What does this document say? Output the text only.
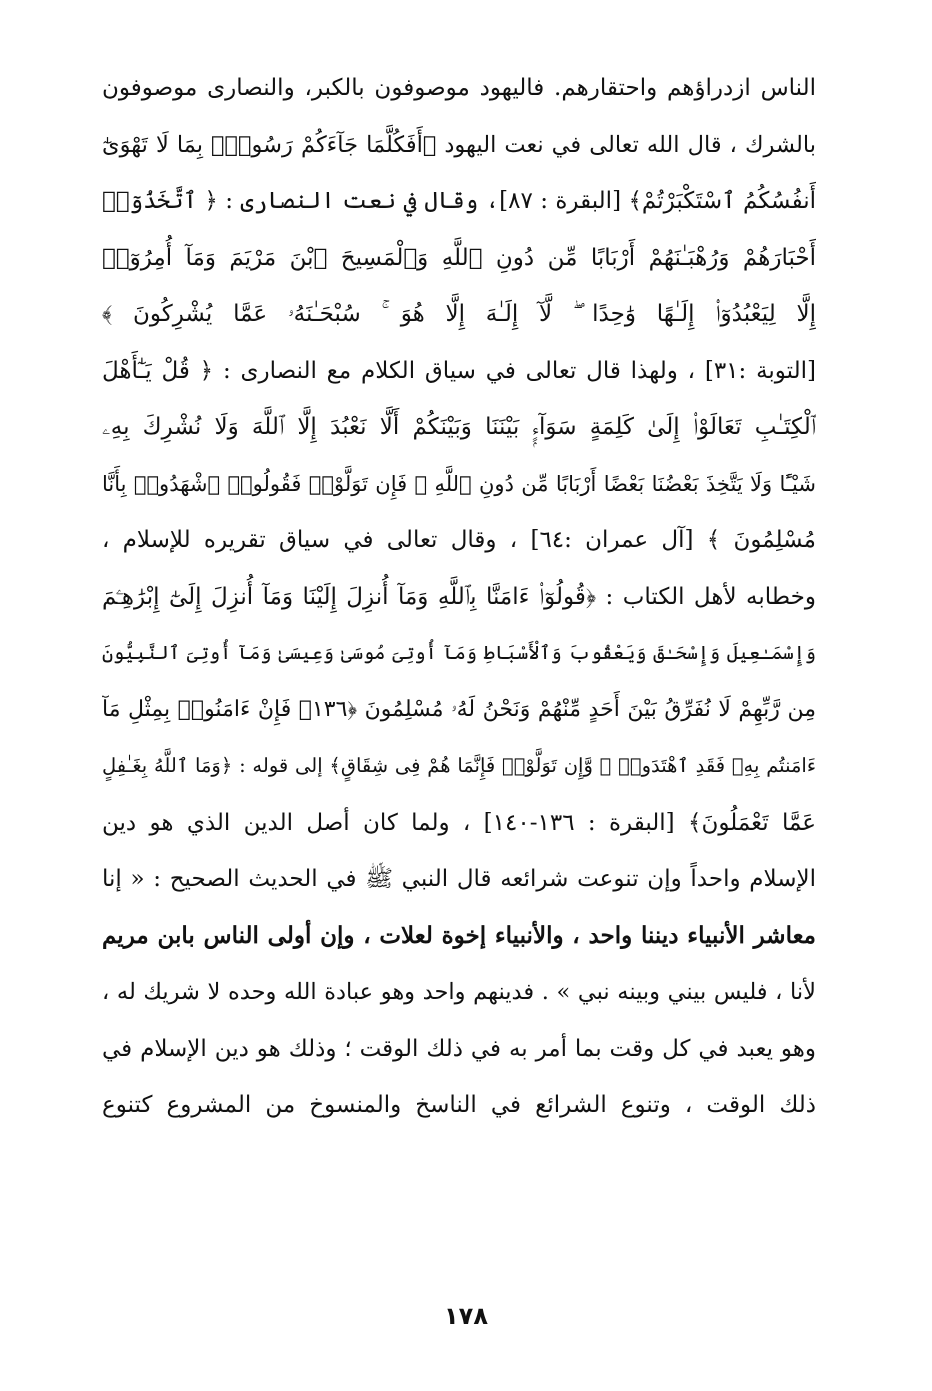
الناس ازدراؤهم واحتقارهم. فاليهود موصوفون بالكبر، والنصارى موصوفون
بالشرك ، قال الله تعالى في نعت اليهود ﴿أَفَكُلَّمَا جَآءَكُمْ رَسُولٌۢ بِمَا لَا تَهْوَىٰٓ
أَنفُسُكُمُ ٱسْتَكْبَرْتُمْ﴾ [البقرة : ٨٧]، وقال في نعت النصارى : ﴿ ٱتَّخَذُوٓا۟
أَحْبَارَهُمْ وَرُهْبَـٰنَهُمْ أَرْبَابًا مِّن دُونِ ٱللَّهِ وَٱلْمَسِيحَ ٱبْنَ مَرْيَمَ وَمَآ أُمِرُوٓا۟
إِلَّا لِيَعْبُدُوٓا۟ إِلَـٰهًا وَٰحِدًا ۖ لَّآ إِلَـٰهَ إِلَّا هُوَ ۚ سُبْحَـٰنَهُۥ عَمَّا يُشْرِكُونَ ﴾
[التوبة :٣١] ، ولهذا قال تعالى في سياق الكلام مع النصارى : ﴿ قُلْ يَـٰٓأَهْلَ
ٱلْكِتَـٰبِ تَعَالَوْا۟ إِلَىٰ كَلِمَةٍ سَوَآءٍۭ بَيْنَنَا وَبَيْنَكُمْ أَلَّا نَعْبُدَ إِلَّا ٱللَّهَ وَلَا نُشْرِكَ بِهِۦ
شَيْـًٔا وَلَا يَتَّخِذَ بَعْضُنَا بَعْضًا أَرْبَابًا مِّن دُونِ ٱللَّهِ ۚ فَإِن تَوَلَّوْا۟ فَقُولُوا۟ ٱشْهَدُوا۟ بِأَنَّا
مُسْلِمُونَ ﴾ [آل عمران :٦٤] ، وقال تعالى في سياق تقريره للإسلام ،
وخطابه لأهل الكتاب : ﴿قُولُوٓا۟ ءَامَنَّا بِٱللَّهِ وَمَآ أُنزِلَ إِلَيْنَا وَمَآ أُنزِلَ إِلَىٰٓ إِبْرَٰهِـۧمَ
وَإِسْمَـٰعِيلَ وَإِسْحَـٰقَ وَيَعْقُوبَ وَٱلْأَسْبَاطِ وَمَآ أُوتِىَ مُوسَىٰ وَعِيسَىٰ وَمَآ أُوتِىَ ٱلنَّبِيُّونَ
مِن رَّبِّهِمْ لَا نُفَرِّقُ بَيْنَ أَحَدٍ مِّنْهُمْ وَنَحْنُ لَهُۥ مُسْلِمُونَ ﴿١٣٦﴾ فَإِنْ ءَامَنُوا۟ بِمِثْلِ مَآ
ءَامَنتُم بِهِۦ فَقَدِ ٱهْتَدَوا۟ ۖ وَّإِن تَوَلَّوْا۟ فَإِنَّمَا هُمْ فِى شِقَاقٍ﴾ إلى قوله : ﴿وَمَا ٱللَّهُ بِغَـٰفِلٍ
عَمَّا تَعْمَلُونَ﴾ [البقرة : ١٣٦-١٤٠] ، ولما كان أصل الدين الذي هو دين
الإسلام واحداً وإن تنوعت شرائعه قال النبي ﷺ في الحديث الصحيح : « إنا
معاشر الأنبياء ديننا واحد ، والأنبياء إخوة لعلات ، وإن أولى الناس بابن مريم
لأنا ، فليس بيني وبينه نبي » . فدينهم واحد وهو عبادة الله وحده لا شريك له ،
وهو يعبد في كل وقت بما أمر به في ذلك الوقت ؛ وذلك هو دين الإسلام في
ذلك الوقت ، وتنوع الشرائع في الناسخ والمنسوخ من المشروع كتنوع
١٧٨
